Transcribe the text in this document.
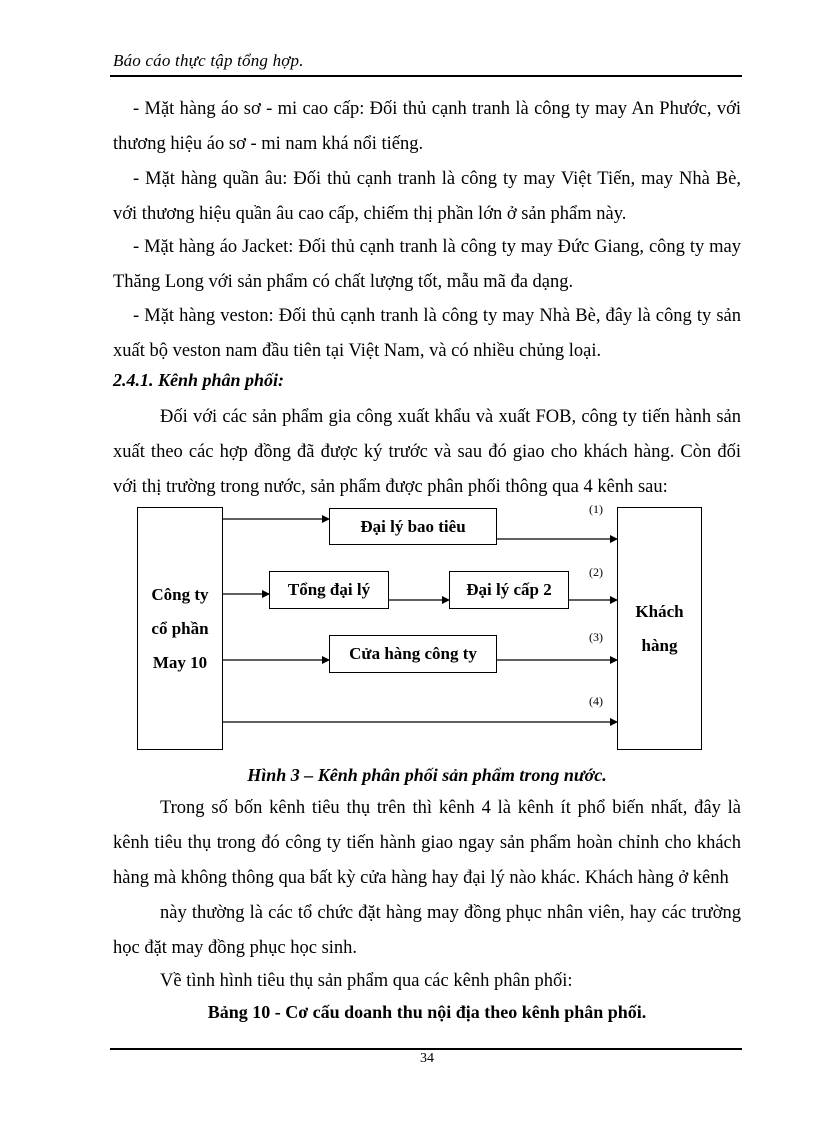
Báo cáo thực tập tổng hợp.
- Mặt hàng áo sơ - mi cao cấp: Đối thủ cạnh tranh là công ty may An Phước, với thương hiệu áo sơ - mi nam khá nổi tiếng.
- Mặt hàng quần âu: Đối thủ cạnh tranh là công ty may Việt Tiến, may Nhà Bè, với thương hiệu quần âu cao cấp, chiếm thị phần lớn ở sản phẩm này.
- Mặt hàng áo Jacket: Đối thủ cạnh tranh là công ty may Đức Giang, công ty may Thăng Long với sản phẩm có chất lượng tốt, mẫu mã đa dạng.
- Mặt hàng veston: Đối thủ cạnh tranh là công ty may Nhà Bè, đây là công ty sản xuất bộ veston nam đầu tiên tại Việt Nam, và có nhiều chủng loại.
2.4.1. Kênh phân phối:
Đối với các sản phẩm gia công xuất khẩu và xuất FOB, công ty tiến hành sản xuất theo các hợp đồng đã được ký trước và sau đó giao cho khách hàng. Còn đối với thị trường trong nước, sản phẩm được phân phối thông qua 4 kênh sau:
Công ty
cổ phần
May 10
Đại lý bao tiêu
Tổng đại lý	Đại lý cấp 2
Cửa hàng công ty
Khách
hàng
(1)
(2)
(3)
(4)
Hình 3 – Kênh phân phối sản phẩm trong nước.
Trong số bốn kênh tiêu thụ trên thì kênh 4 là kênh ít phổ biến nhất, đây là kênh tiêu thụ trong đó công ty tiến hành giao ngay sản phẩm hoàn chỉnh cho khách hàng mà không thông qua bất kỳ cửa hàng hay đại lý nào khác. Khách hàng ở kênh
này thường là các tổ chức đặt hàng may đồng phục nhân viên, hay các trường học đặt may đồng phục học sinh.
Về tình hình tiêu thụ sản phẩm qua các kênh phân phối:
Bảng 10 - Cơ cấu doanh thu nội địa theo kênh phân phối.
34
